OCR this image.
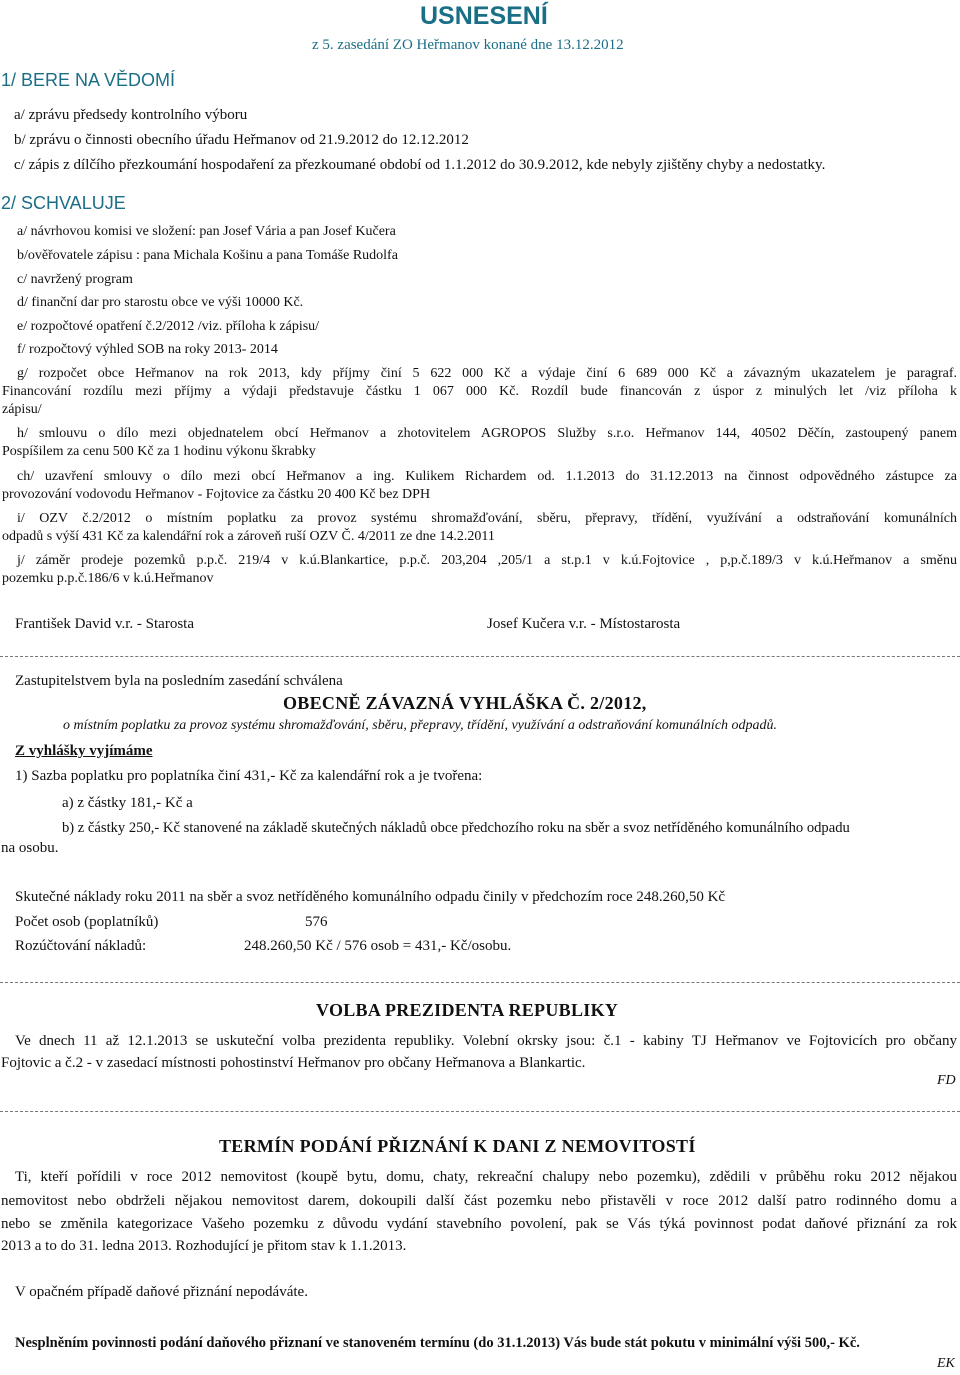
USNESENÍ
z 5. zasedání ZO Heřmanov konané dne 13.12.2012
1/ BERE NA VĚDOMÍ
a/ zprávu předsedy kontrolního výboru
b/ zprávu o činnosti obecního úřadu Heřmanov od 21.9.2012 do 12.12.2012
c/ zápis z dílčího přezkoumání hospodaření za přezkoumané období od 1.1.2012 do 30.9.2012, kde nebyly zjištěny chyby a nedostatky.
2/ SCHVALUJE
a/ návrhovou komisi ve složení: pan Josef Vária a pan Josef Kučera
b/ověřovatele zápisu : pana Michala Košinu a pana Tomáše Rudolfa
c/ navržený program
d/ finanční dar pro starostu obce ve výši 10000 Kč.
e/ rozpočtové opatření č.2/2012 /viz. příloha k zápisu/
f/ rozpočtový výhled SOB na roky 2013- 2014
g/ rozpočet obce Heřmanov na rok 2013, kdy příjmy činí 5 622 000 Kč a výdaje činí 6 689 000 Kč a závazným ukazatelem je paragraf.
Financování rozdílu mezi příjmy a výdaji představuje částku 1 067 000 Kč. Rozdíl bude financován z úspor z minulých let /viz příloha k
zápisu/
h/ smlouvu o dílo mezi objednatelem obcí Heřmanov a zhotovitelem AGROPOS Služby s.r.o. Heřmanov 144, 40502 Děčín, zastoupený panem
Pospíšilem za cenu 500 Kč za 1 hodinu výkonu škrabky
ch/ uzavření smlouvy o dílo mezi obcí Heřmanov a ing. Kulikem Richardem od. 1.1.2013 do 31.12.2013 na činnost odpovědného zástupce za
provozování vodovodu Heřmanov - Fojtovice za částku 20 400 Kč bez DPH
i/ OZV č.2/2012 o místním poplatku za provoz systému shromažďování, sběru, přepravy, třídění, využívání a odstraňování komunálních
odpadů s výší 431 Kč za kalendářní rok a zároveň ruší OZV Č. 4/2011 ze dne 14.2.2011
j/ záměr prodeje pozemků p.p.č. 219/4 v k.ú.Blankartice, p.p.č. 203,204 ,205/1 a st.p.1 v k.ú.Fojtovice , p,p.č.189/3 v k.ú.Heřmanov a směnu
pozemku p.p.č.186/6 v k.ú.Heřmanov
František David v.r. - Starosta	Josef Kučera v.r. - Místostarosta
Zastupitelstvem byla na posledním zasedání schválena
OBECNĚ ZÁVAZNÁ VYHLÁŠKA Č. 2/2012,
o místním poplatku za provoz systému shromažďování, sběru, přepravy, třídění, využívání a odstraňování komunálních odpadů.
Z vyhlášky vyjímáme
1) Sazba poplatku pro poplatníka činí 431,- Kč za kalendářní rok a je tvořena:
a) z částky 181,- Kč a
b) z částky 250,- Kč stanovené na základě skutečných nákladů obce předchozího roku na sběr a svoz netříděného komunálního odpadu
na osobu.
Skutečné náklady roku 2011 na sběr a svoz netříděného komunálního odpadu činily v předchozím roce 248.260,50 Kč
Počet osob (poplatníků)	576
Rozúčtování nákladů:	248.260,50 Kč / 576 osob = 431,- Kč/osobu.
VOLBA PREZIDENTA REPUBLIKY
Ve dnech 11 až 12.1.2013 se uskuteční volba prezidenta republiky. Volební okrsky jsou: č.1 - kabiny TJ Heřmanov ve Fojtovicích pro občany
Fojtovic a č.2 - v zasedací místnosti pohostinství Heřmanov pro občany Heřmanova a Blankartic.
FD
TERMÍN PODÁNÍ PŘIZNÁNÍ K DANI Z NEMOVITOSTÍ
Ti, kteří pořídili v roce 2012 nemovitost (koupě bytu, domu, chaty, rekreační chalupy nebo pozemku), zdědili v průběhu roku 2012 nějakou
nemovitost nebo obdrželi nějakou nemovitost darem, dokoupili další část pozemku nebo přistavěli v roce 2012 další patro rodinného domu a
nebo se změnila kategorizace Vašeho pozemku z důvodu vydání stavebního povolení, pak se Vás týká povinnost podat daňové přiznání za rok
2013 a to do 31. ledna 2013. Rozhodující je přitom stav k 1.1.2013.
V opačném případě daňové přiznání nepodáváte.
Nesplněním povinnosti podání daňového přiznaní ve stanoveném termínu (do 31.1.2013) Vás bude stát pokutu v minimální výši 500,- Kč.
EK
